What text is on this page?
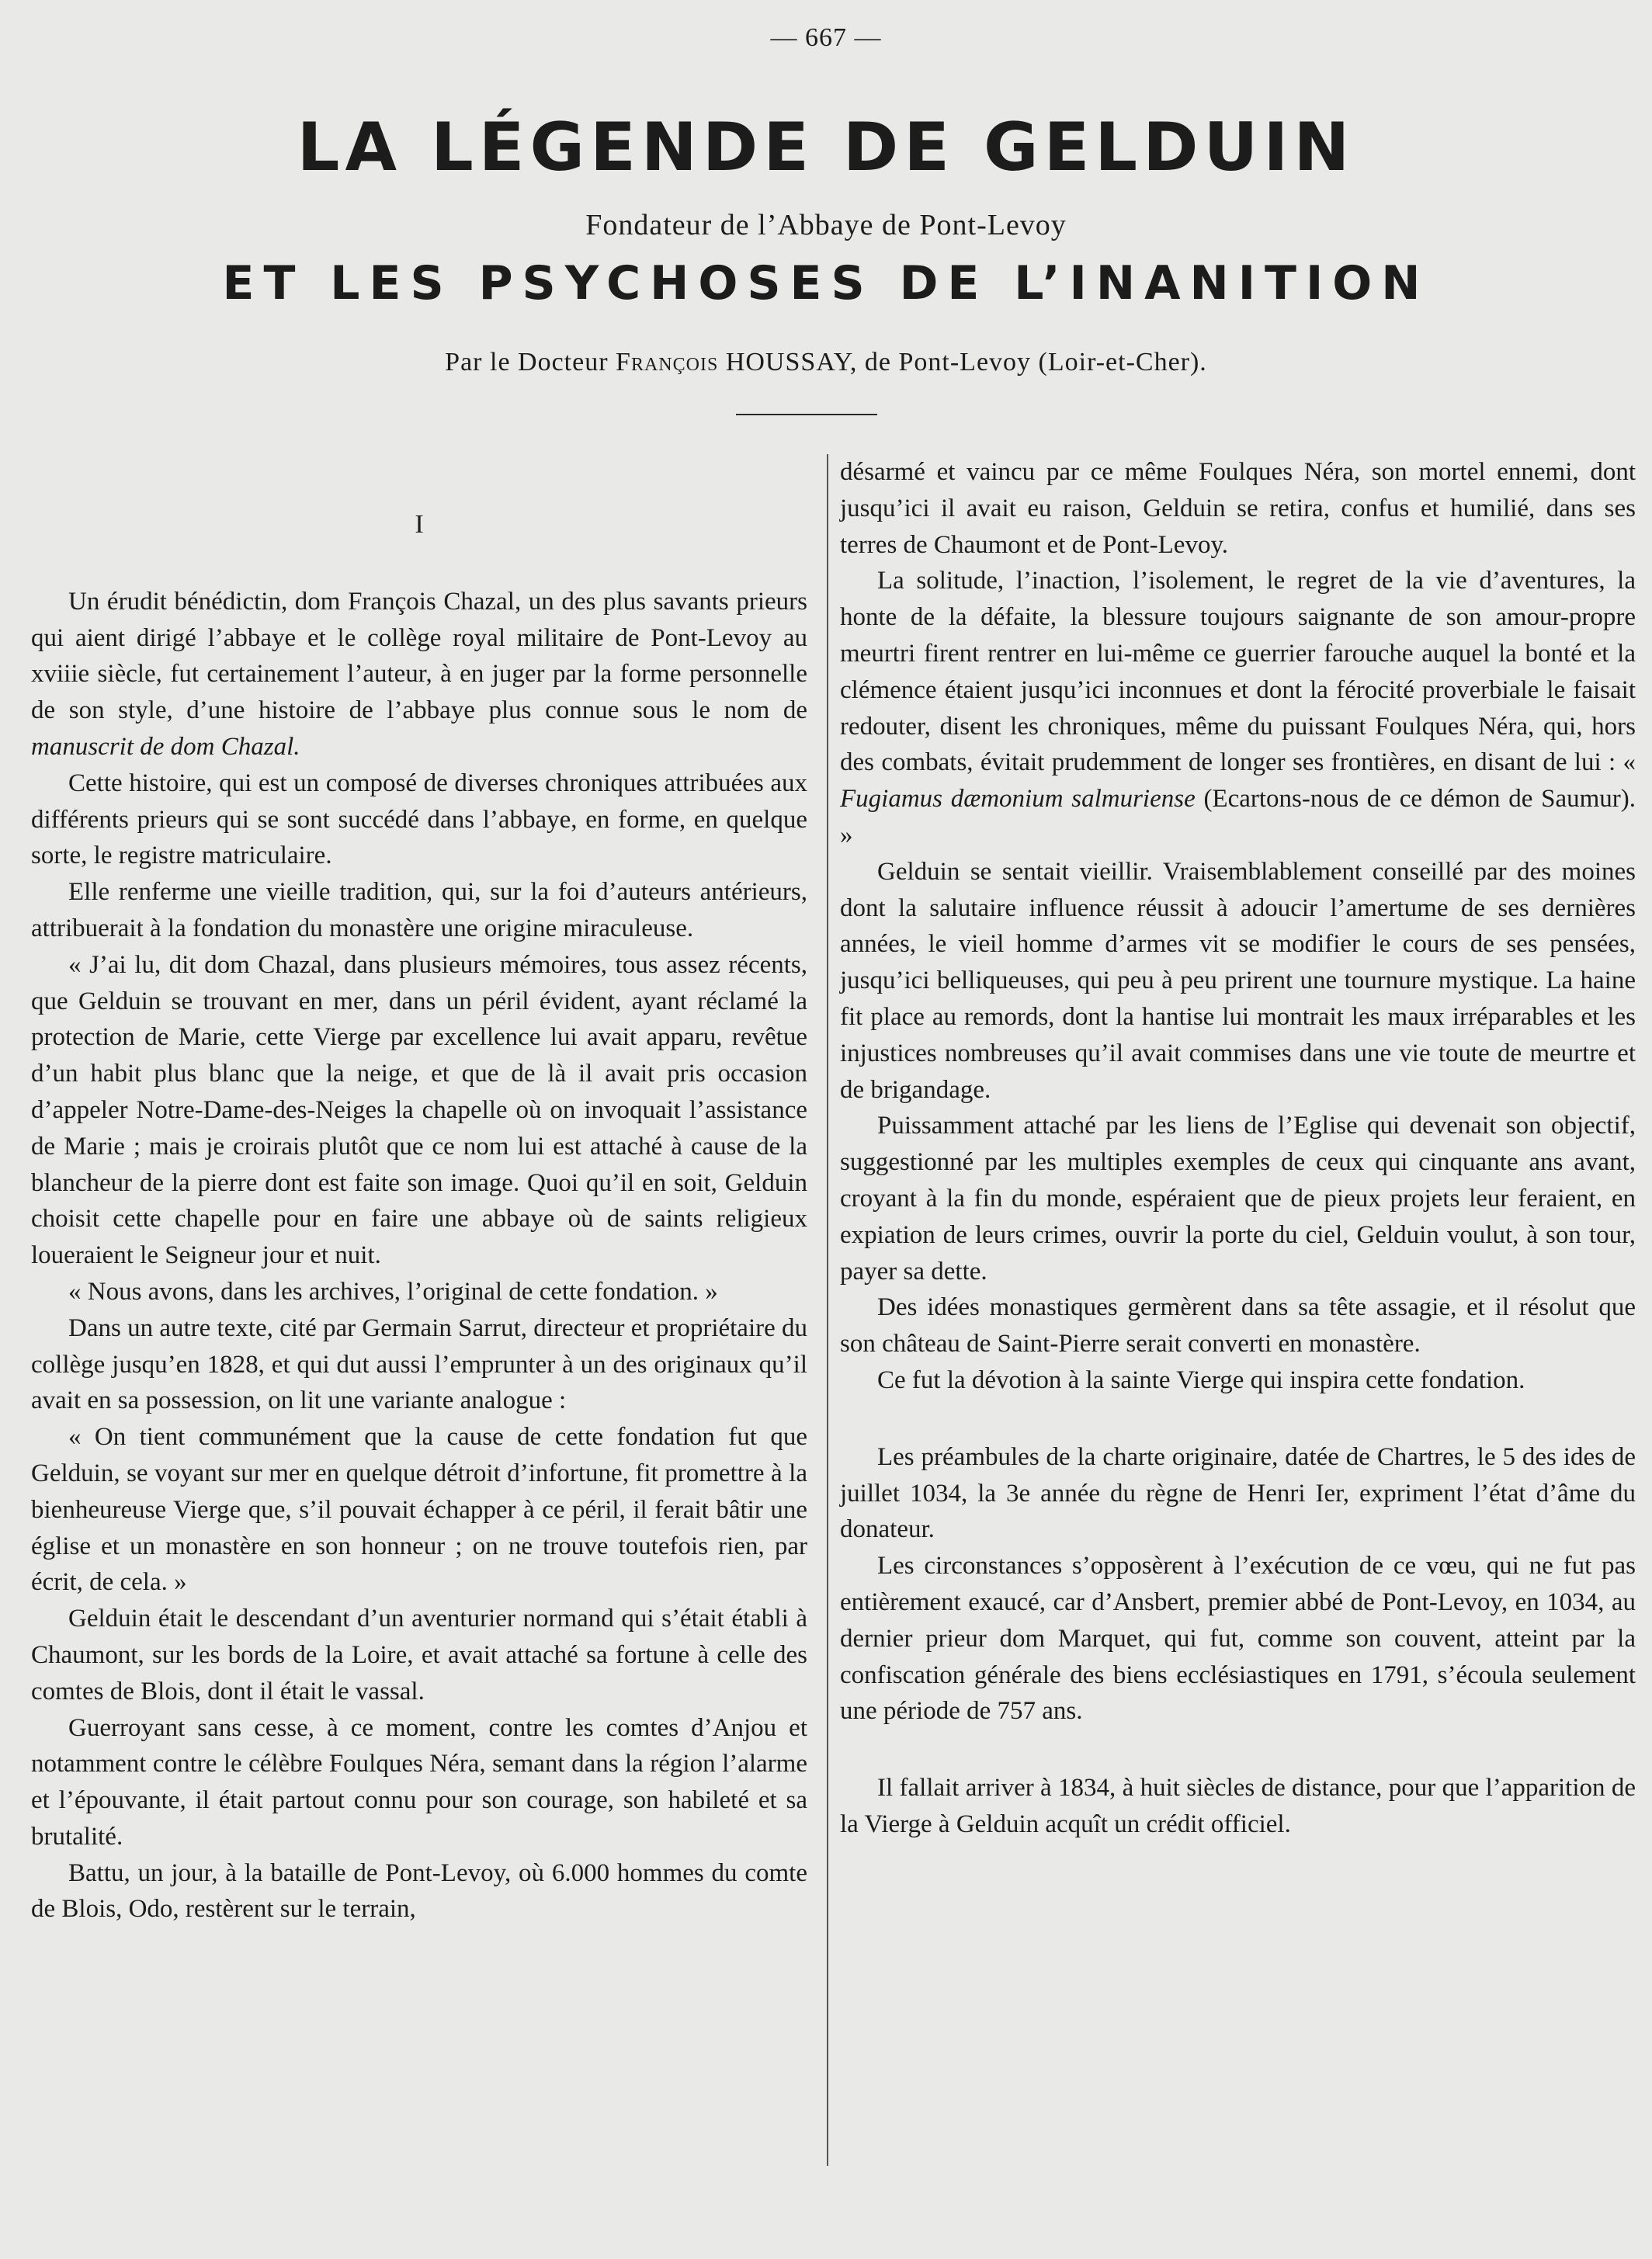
— 667 —
LA LÉGENDE DE GELDUIN
Fondateur de l’Abbaye de Pont-Levoy
ET LES PSYCHOSES DE L’INANITION
Par le Docteur François HOUSSAY, de Pont-Levoy (Loir-et-Cher).
I

Un érudit bénédictin, dom François Chazal, un des plus savants prieurs qui aient dirigé l’abbaye et le collège royal militaire de Pont-Levoy au xviiie siècle, fut certainement l’auteur, à en juger par la forme personnelle de son style, d’une histoire de l’abbaye plus connue sous le nom de manuscrit de dom Chazal.

Cette histoire, qui est un composé de diverses chroniques attribuées aux différents prieurs qui se sont succédé dans l’abbaye, en forme, en quelque sorte, le registre matriculaire.

Elle renferme une vieille tradition, qui, sur la foi d’auteurs antérieurs, attribuerait à la fondation du monastère une origine miraculeuse.

« J’ai lu, dit dom Chazal, dans plusieurs mémoires, tous assez récents, que Gelduin se trouvant en mer, dans un péril évident, ayant réclamé la protection de Marie, cette Vierge par excellence lui avait apparu, revêtue d’un habit plus blanc que la neige, et que de là il avait pris occasion d’appeler Notre-Dame-des-Neiges la chapelle où on invoquait l’assistance de Marie ; mais je croirais plutôt que ce nom lui est attaché à cause de la blancheur de la pierre dont est faite son image. Quoi qu’il en soit, Gelduin choisit cette chapelle pour en faire une abbaye où de saints religieux loueraient le Seigneur jour et nuit.

« Nous avons, dans les archives, l’original de cette fondation. »

Dans un autre texte, cité par Germain Sarrut, directeur et propriétaire du collège jusqu’en 1828, et qui dut aussi l’emprunter à un des originaux qu’il avait en sa possession, on lit une variante analogue :

« On tient communément que la cause de cette fondation fut que Gelduin, se voyant sur mer en quelque détroit d’infortune, fit promettre à la bienheureuse Vierge que, s’il pouvait échapper à ce péril, il ferait bâtir une église et un monastère en son honneur ; on ne trouve toutefois rien, par écrit, de cela. »

Gelduin était le descendant d’un aventurier normand qui s’était établi à Chaumont, sur les bords de la Loire, et avait attaché sa fortune à celle des comtes de Blois, dont il était le vassal.

Guerroyant sans cesse, à ce moment, contre les comtes d’Anjou et notamment contre le célèbre Foulques Néra, semant dans la région l’alarme et l’épouvante, il était partout connu pour son courage, son habileté et sa brutalité.

Battu, un jour, à la bataille de Pont-Levoy, où 6.000 hommes du comte de Blois, Odo, restèrent sur le terrain,

désarmé et vaincu par ce même Foulques Néra, son mortel ennemi, dont jusqu’ici il avait eu raison, Gelduin se retira, confus et humilié, dans ses terres de Chaumont et de Pont-Levoy.

La solitude, l’inaction, l’isolement, le regret de la vie d’aventures, la honte de la défaite, la blessure toujours saignante de son amour-propre meurtri firent rentrer en lui-même ce guerrier farouche auquel la bonté et la clémence étaient jusqu’ici inconnues et dont la férocité proverbiale le faisait redouter, disent les chroniques, même du puissant Foulques Néra, qui, hors des combats, évitait prudemment de longer ses frontières, en disant de lui : « Fugiamus dæmonium salmuriense (Ecartons-nous de ce démon de Saumur). »

Gelduin se sentait vieillir. Vraisemblablement conseillé par des moines dont la salutaire influence réussit à adoucir l’amertume de ses dernières années, le vieil homme d’armes vit se modifier le cours de ses pensées, jusqu’ici belliqueuses, qui peu à peu prirent une tournure mystique. La haine fit place au remords, dont la hantise lui montrait les maux irréparables et les injustices nombreuses qu’il avait commises dans une vie toute de meurtre et de brigandage.

Puissamment attaché par les liens de l’Eglise qui devenait son objectif, suggestionné par les multiples exemples de ceux qui cinquante ans avant, croyant à la fin du monde, espéraient que de pieux projets leur feraient, en expiation de leurs crimes, ouvrir la porte du ciel, Gelduin voulut, à son tour, payer sa dette.

Des idées monastiques germèrent dans sa tête assagie, et il résolut que son château de Saint-Pierre serait converti en monastère.

Ce fut la dévotion à la sainte Vierge qui inspira cette fondation.

Les préambules de la charte originaire, datée de Chartres, le 5 des ides de juillet 1034, la 3e année du règne de Henri Ier, expriment l’état d’âme du donateur.

Les circonstances s’opposèrent à l’exécution de ce vœu, qui ne fut pas entièrement exaucé, car d’Ansbert, premier abbé de Pont-Levoy, en 1034, au dernier prieur dom Marquet, qui fut, comme son couvent, atteint par la confiscation générale des biens ecclésiastiques en 1791, s’écoula seulement une période de 757 ans.

Il fallait arriver à 1834, à huit siècles de distance, pour que l’apparition de la Vierge à Gelduin acquît un crédit officiel.
